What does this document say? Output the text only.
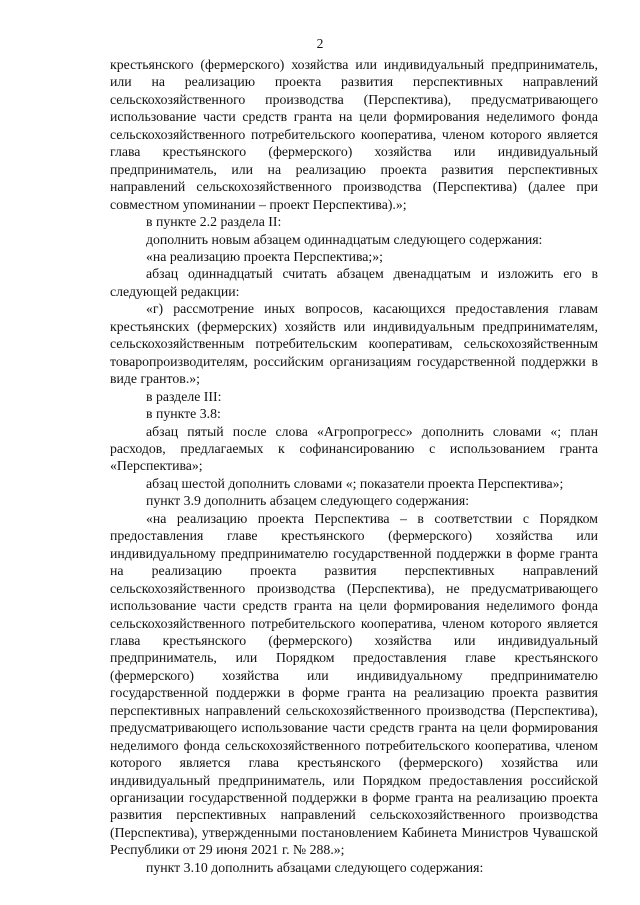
2

крестьянского (фермерского) хозяйства или индивидуальный предприниматель, или на реализацию проекта развития перспективных направлений сельскохозяйственного производства (Перспектива), предусматривающего использование части средств гранта на цели формирования неделимого фонда сельскохозяйственного потребительского кооператива, членом которого является глава крестьянского (фермерского) хозяйства или индивидуальный предприниматель, или на реализацию проекта развития перспективных направлений сельскохозяйственного производства (Перспектива) (далее при совместном упоминании – проект Перспектива).»;

в пункте 2.2 раздела II:

дополнить новым абзацем одиннадцатым следующего содержания:

«на реализацию проекта Перспектива;»;

абзац одиннадцатый считать абзацем двенадцатым и изложить его в следующей редакции:

«г) рассмотрение иных вопросов, касающихся предоставления главам крестьянских (фермерских) хозяйств или индивидуальным предпринимателям, сельскохозяйственным потребительским кооперативам, сельскохозяйственным товаропроизводителям, российским организациям государственной поддержки в виде грантов.»;

в разделе III:

в пункте 3.8:

абзац пятый после слова «Агропрогресс» дополнить словами «; план расходов, предлагаемых к софинансированию с использованием гранта «Перспектива»;

абзац шестой дополнить словами «; показатели проекта Перспектива»;

пункт 3.9 дополнить абзацем следующего содержания:

«на реализацию проекта Перспектива – в соответствии с Порядком предоставления главе крестьянского (фермерского) хозяйства или индивидуальному предпринимателю государственной поддержки в форме гранта на реализацию проекта развития перспективных направлений сельскохозяйственного производства (Перспектива), не предусматривающего использование части средств гранта на цели формирования неделимого фонда сельскохозяйственного потребительского кооператива, членом которого является глава крестьянского (фермерского) хозяйства или индивидуальный предприниматель, или Порядком предоставления главе крестьянского (фермерского) хозяйства или индивидуальному предпринимателю государственной поддержки в форме гранта на реализацию проекта развития перспективных направлений сельскохозяйственного производства (Перспектива), предусматривающего использование части средств гранта на цели формирования неделимого фонда сельскохозяйственного потребительского кооператива, членом которого является глава крестьянского (фермерского) хозяйства или индивидуальный предприниматель, или Порядком предоставления российской организации государственной поддержки в форме гранта на реализацию проекта развития перспективных направлений сельскохозяйственного производства (Перспектива), утвержденными постановлением Кабинета Министров Чувашской Республики от 29 июня 2021 г. № 288.»;

пункт 3.10 дополнить абзацами следующего содержания:
